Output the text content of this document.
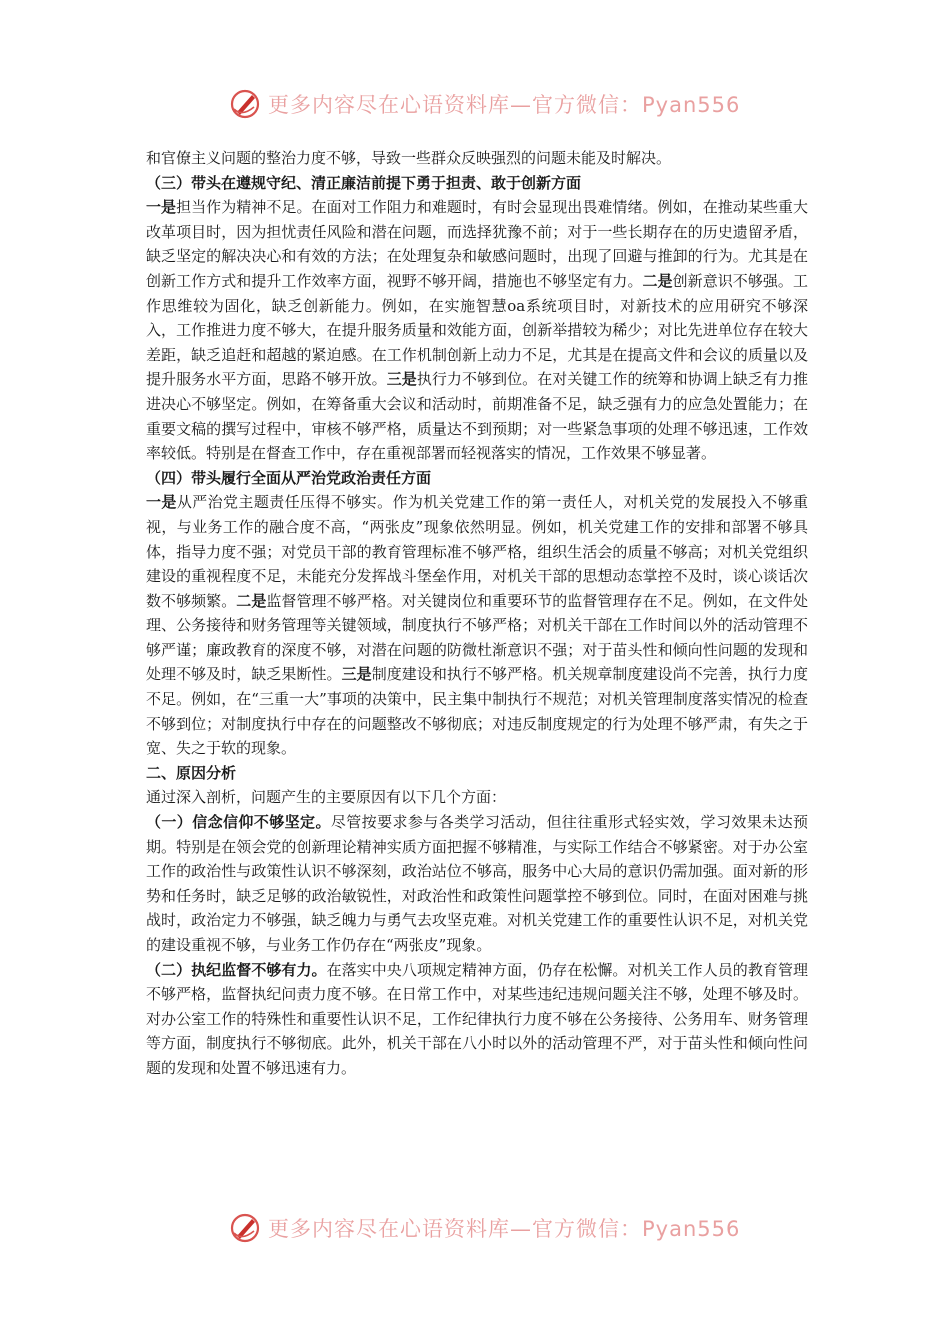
更多内容尽在心语资料库—官方微信：Pyan556

和官僚主义问题的整治力度不够，导致一些群众反映强烈的问题未能及时解决。

（三）带头在遵规守纪、清正廉洁前提下勇于担责、敢于创新方面

一是担当作为精神不足。在面对工作阻力和难题时，有时会显现出畏难情绪。例如，在推动某些重大改革项目时，因为担忧责任风险和潜在问题，而选择犹豫不前；对于一些长期存在的历史遗留矛盾，缺乏坚定的解决决心和有效的方法；在处理复杂和敏感问题时，出现了回避与推卸的行为。尤其是在创新工作方式和提升工作效率方面，视野不够开阔，措施也不够坚定有力。二是创新意识不够强。工作思维较为固化，缺乏创新能力。例如，在实施智慧oa系统项目时，对新技术的应用研究不够深入，工作推进力度不够大，在提升服务质量和效能方面，创新举措较为稀少；对比先进单位存在较大差距，缺乏追赶和超越的紧迫感。在工作机制创新上动力不足，尤其是在提高文件和会议的质量以及提升服务水平方面，思路不够开放。三是执行力不够到位。在对关键工作的统筹和协调上缺乏有力推进决心不够坚定。例如，在筹备重大会议和活动时，前期准备不足，缺乏强有力的应急处置能力；在重要文稿的撰写过程中，审核不够严格，质量达不到预期；对一些紧急事项的处理不够迅速，工作效率较低。特别是在督查工作中，存在重视部署而轻视落实的情况，工作效果不够显著。

（四）带头履行全面从严治党政治责任方面

一是从严治党主题责任压得不够实。作为机关党建工作的第一责任人，对机关党的发展投入不够重视，与业务工作的融合度不高，“两张皮”现象依然明显。例如，机关党建工作的安排和部署不够具体，指导力度不强；对党员干部的教育管理标准不够严格，组织生活会的质量不够高；对机关党组织建设的重视程度不足，未能充分发挥战斗堡垒作用，对机关干部的思想动态掌控不及时，谈心谈话次数不够频繁。二是监督管理不够严格。对关键岗位和重要环节的监督管理存在不足。例如，在文件处理、公务接待和财务管理等关键领域，制度执行不够严格；对机关干部在工作时间以外的活动管理不够严谨；廉政教育的深度不够，对潜在问题的防微杜渐意识不强；对于苗头性和倾向性问题的发现和处理不够及时，缺乏果断性。三是制度建设和执行不够严格。机关规章制度建设尚不完善，执行力度不足。例如，在“三重一大”事项的决策中，民主集中制执行不规范；对机关管理制度落实情况的检查不够到位；对制度执行中存在的问题整改不够彻底；对违反制度规定的行为处理不够严肃，有失之于宽、失之于软的现象。

二、原因分析

通过深入剖析，问题产生的主要原因有以下几个方面：

（一）信念信仰不够坚定。尽管按要求参与各类学习活动，但往往重形式轻实效，学习效果未达预期。特别是在领会党的创新理论精神实质方面把握不够精准，与实际工作结合不够紧密。对于办公室工作的政治性与政策性认识不够深刻，政治站位不够高，服务中心大局的意识仍需加强。面对新的形势和任务时，缺乏足够的政治敏锐性，对政治性和政策性问题掌控不够到位。同时，在面对困难与挑战时，政治定力不够强，缺乏魄力与勇气去攻坚克难。对机关党建工作的重要性认识不足，对机关党的建设重视不够，与业务工作仍存在“两张皮”现象。

（二）执纪监督不够有力。在落实中央八项规定精神方面，仍存在松懈。对机关工作人员的教育管理不够严格，监督执纪问责力度不够。在日常工作中，对某些违纪违规问题关注不够，处理不够及时。对办公室工作的特殊性和重要性认识不足，工作纪律执行力度不够在公务接待、公务用车、财务管理等方面，制度执行不够彻底。此外，机关干部在八小时以外的活动管理不严，对于苗头性和倾向性问题的发现和处置不够迅速有力。

更多内容尽在心语资料库—官方微信：Pyan556
